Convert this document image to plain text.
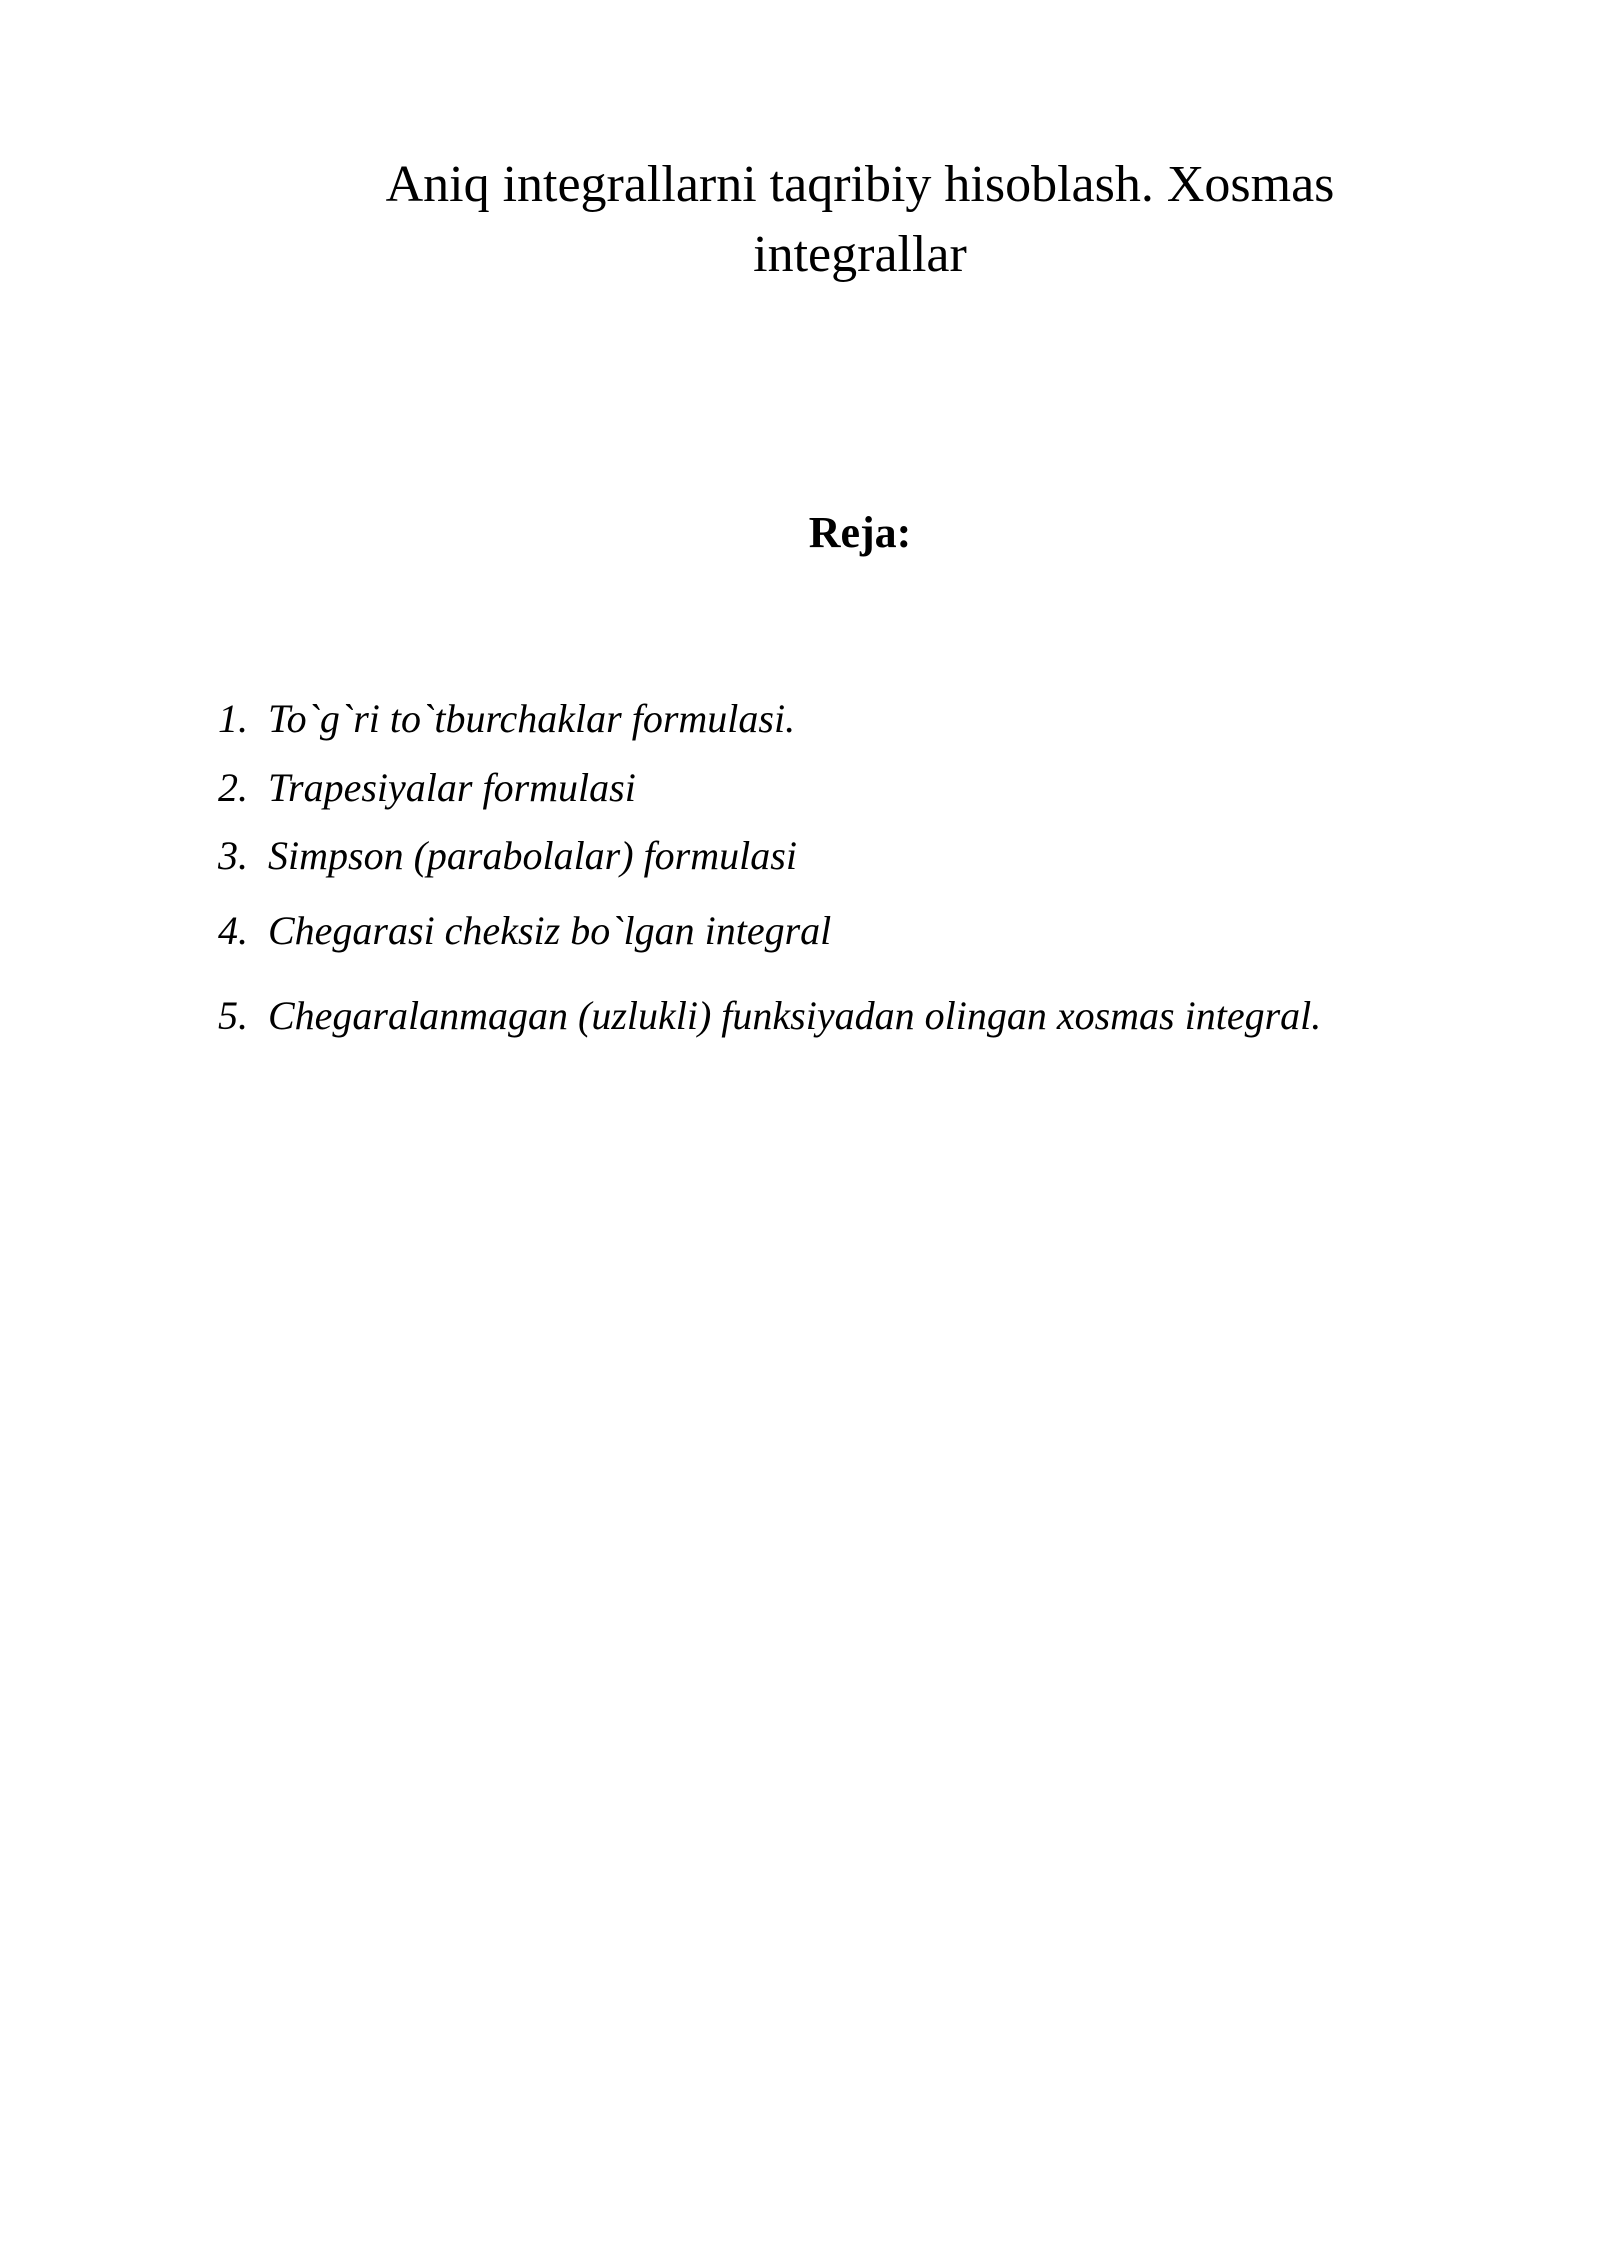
Aniq integrallarni taqribiy hisoblash. Xosmas integrallar
Reja:
1. To`g`ri to`tburchaklar formulasi.
2. Trapesiyalar formulasi
3. Simpson (parabolalar) formulasi
4. Chegarasi cheksiz bo`lgan integral
5. Chegaralanmagan (uzlukli) funksiyadan olingan xosmas integral.
